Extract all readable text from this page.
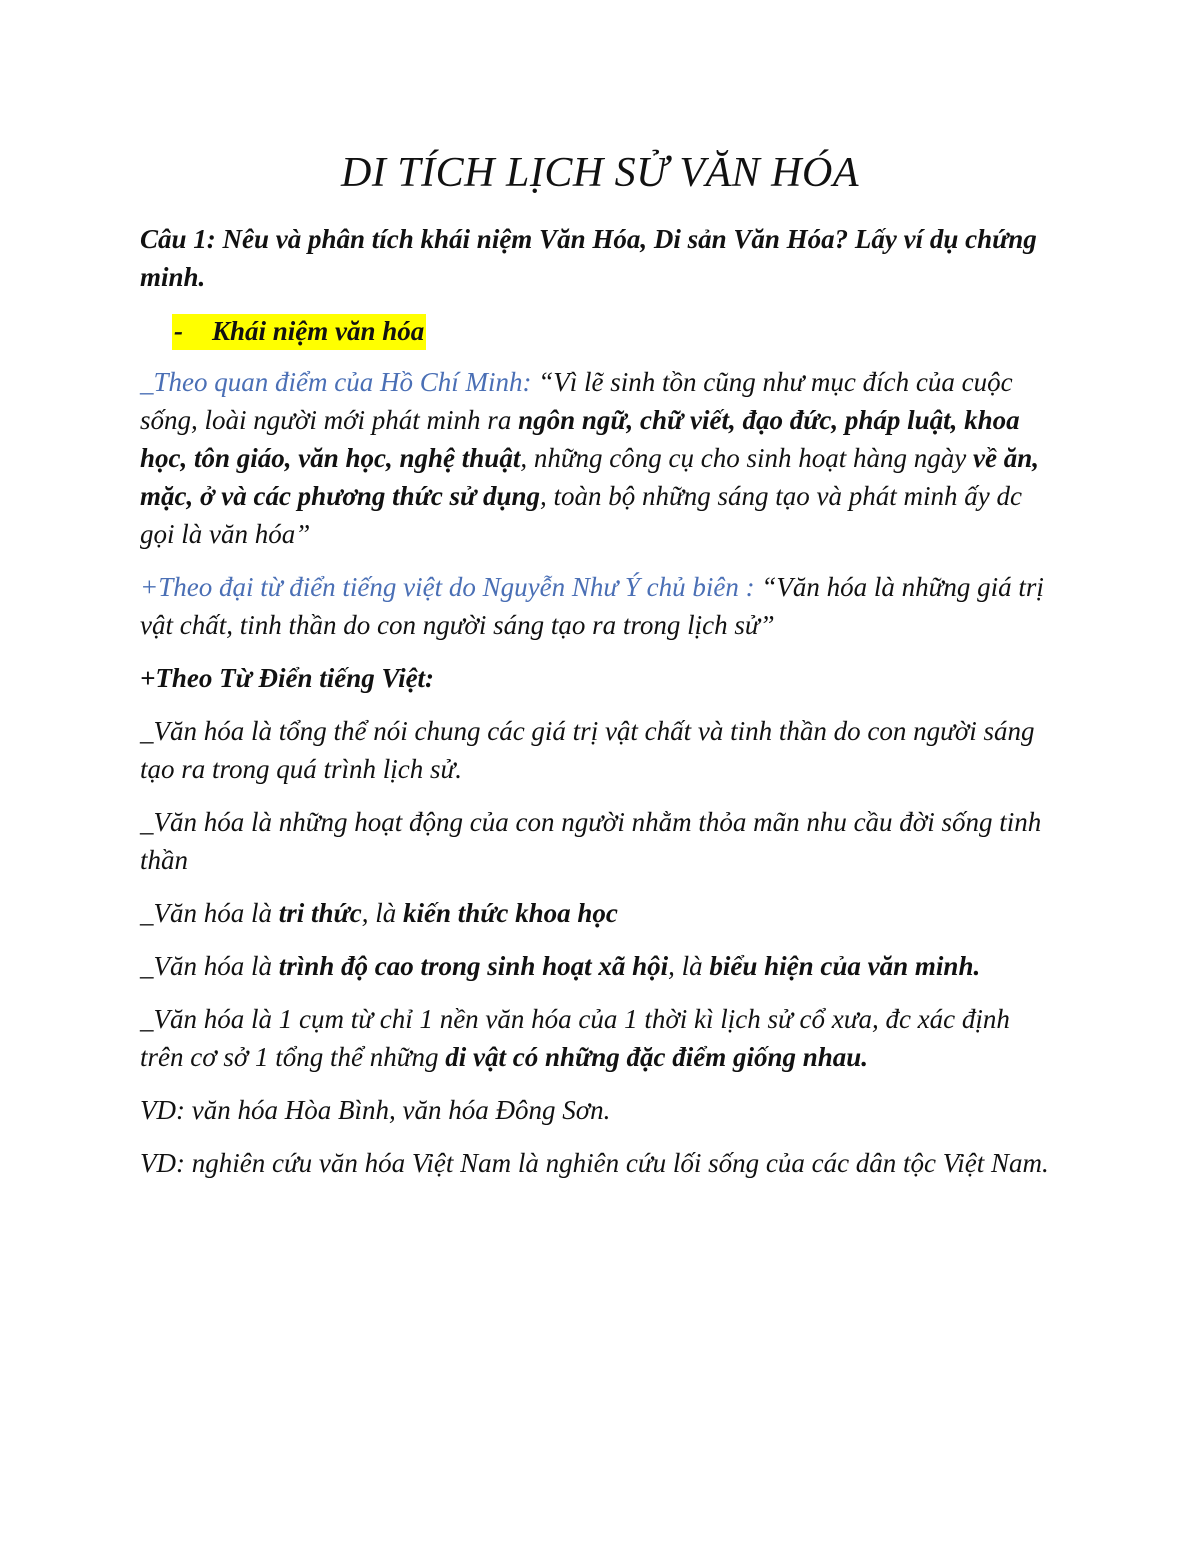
DI TÍCH LỊCH SỬ VĂN HÓA

Câu 1: Nêu và phân tích khái niệm Văn Hóa, Di sản Văn Hóa? Lấy ví dụ chứng minh.

- Khái niệm văn hóa

_Theo quan điểm của Hồ Chí Minh: “Vì lẽ sinh tồn cũng như mục đích của cuộc sống, loài người mới phát minh ra ngôn ngữ, chữ viết, đạo đức, pháp luật, khoa học, tôn giáo, văn học, nghệ thuật, những công cụ cho sinh hoạt hàng ngày về ăn, mặc, ở và các phương thức sử dụng, toàn bộ những sáng tạo và phát minh ấy dc gọi là văn hóa”

+Theo đại từ điển tiếng việt do Nguyễn Như Ý chủ biên : “Văn hóa là những giá trị vật chất, tinh thần do con người sáng tạo ra trong lịch sử”

+Theo Từ Điển tiếng Việt:

_Văn hóa là tổng thể nói chung các giá trị vật chất và tinh thần do con người sáng tạo ra trong quá trình lịch sử.

_Văn hóa là những hoạt động của con người nhằm thỏa mãn nhu cầu đời sống tinh thần

_Văn hóa là tri thức, là kiến thức khoa học

_Văn hóa là trình độ cao trong sinh hoạt xã hội, là biểu hiện của văn minh.

_Văn hóa là 1 cụm từ chỉ 1 nền văn hóa của 1 thời kì lịch sử cổ xưa, đc xác định trên cơ sở 1 tổng thể những di vật có những đặc điểm giống nhau.

VD: văn hóa Hòa Bình, văn hóa Đông Sơn.

VD: nghiên cứu văn hóa Việt Nam là nghiên cứu lối sống của các dân tộc Việt Nam.
